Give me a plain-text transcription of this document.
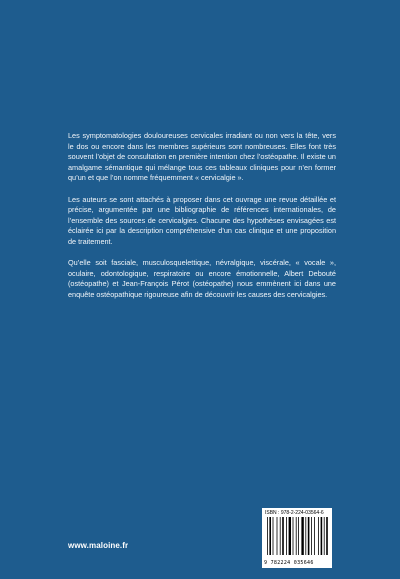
Les symptomatologies douloureuses cervicales irradiant ou non vers la tête, vers le dos ou encore dans les membres supérieurs sont nombreuses. Elles font très souvent l’objet de consultation en première intention chez l’ostéopathe. Il existe un amalgame sémantique qui mélange tous ces tableaux cliniques pour n’en former qu’un et que l’on nomme fréquemment « cervicalgie ».

Les auteurs se sont attachés à proposer dans cet ouvrage une revue détaillée et précise, argumentée par une bibliographie de références internationales, de l’ensemble des sources de cervicalgies. Chacune des hypothèses envisagées est éclairée ici par la description compréhensive d’un cas clinique et une proposition de traitement.

Qu’elle soit fasciale, musculosquelettique, névralgique, viscérale, « vocale », oculaire, odontologique, respiratoire ou encore émotionnelle, Albert Debouté (ostéopathe) et Jean-François Pérot (ostéopathe) nous emmènent ici dans une enquête ostéopathique rigoureuse afin de découvrir les causes des cervicalgies.

www.maloine.fr
ISBN : 978-2-224-03564-6
9 782224 035646
